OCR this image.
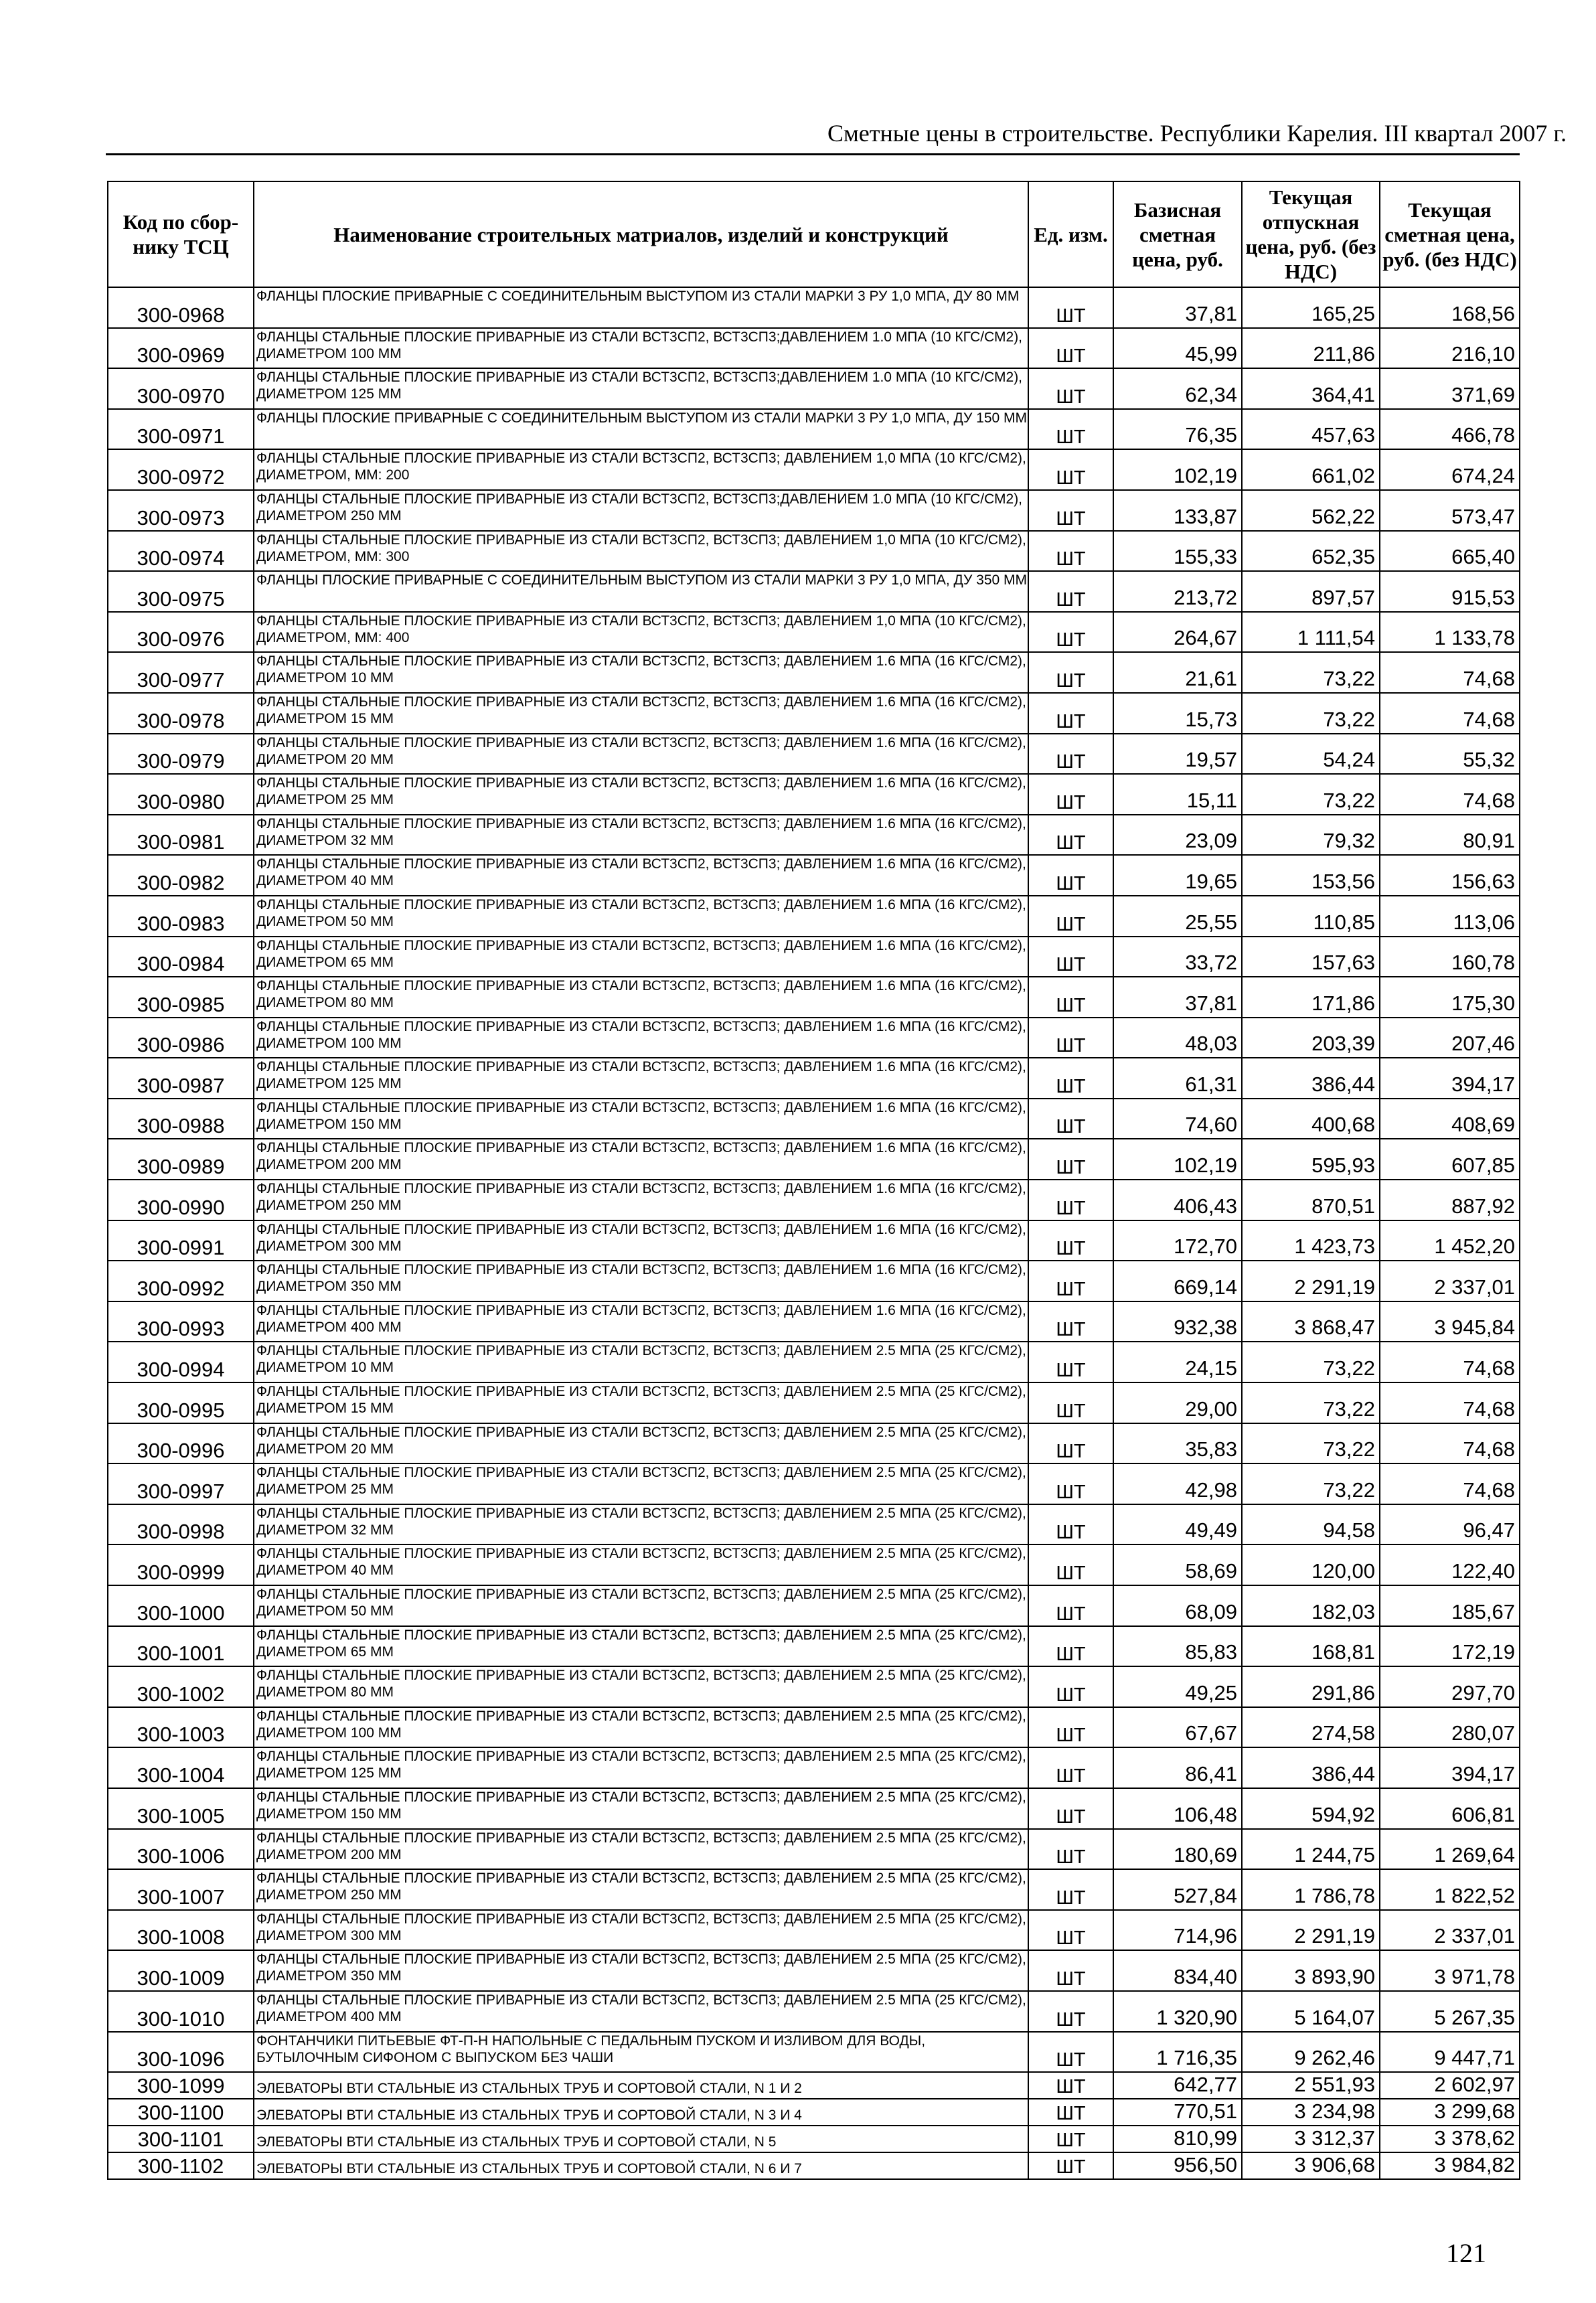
Сметные цены в строительстве. Республики Карелия. III квартал 2007 г.
Код по сбор-нику ТСЦ	Наименование строительных матриалов, изделий и конструкций	Ед. изм.	Базисная сметная цена, руб.	Текущая отпускная цена, руб. (без НДС)	Текущая сметная цена, руб. (без НДС)
300-0968	ФЛАНЦЫ ПЛОСКИЕ ПРИВАРНЫЕ С СОЕДИНИТЕЛЬНЫМ ВЫСТУПОМ ИЗ СТАЛИ МАРКИ 3 РУ 1,0 МПА, ДУ 80 ММ	ШТ	37,81	165,25	168,56
300-0969	ФЛАНЦЫ СТАЛЬНЫЕ ПЛОСКИЕ ПРИВАРНЫЕ ИЗ СТАЛИ ВСТ3СП2, ВСТ3СП3;ДАВЛЕНИЕМ 1.0 МПА (10 КГС/СМ2), ДИАМЕТРОМ 100 ММ	ШТ	45,99	211,86	216,10
300-0970	ФЛАНЦЫ СТАЛЬНЫЕ ПЛОСКИЕ ПРИВАРНЫЕ ИЗ СТАЛИ ВСТ3СП2, ВСТ3СП3;ДАВЛЕНИЕМ 1.0 МПА (10 КГС/СМ2), ДИАМЕТРОМ 125 ММ	ШТ	62,34	364,41	371,69
300-0971	ФЛАНЦЫ ПЛОСКИЕ ПРИВАРНЫЕ С СОЕДИНИТЕЛЬНЫМ ВЫСТУПОМ ИЗ СТАЛИ МАРКИ 3 РУ 1,0 МПА, ДУ 150 ММ	ШТ	76,35	457,63	466,78
300-0972	ФЛАНЦЫ СТАЛЬНЫЕ ПЛОСКИЕ ПРИВАРНЫЕ ИЗ СТАЛИ ВСТ3СП2, ВСТ3СП3; ДАВЛЕНИЕМ 1,0 МПА (10 КГС/СМ2), ДИАМЕТРОМ, ММ: 200	ШТ	102,19	661,02	674,24
300-0973	ФЛАНЦЫ СТАЛЬНЫЕ ПЛОСКИЕ ПРИВАРНЫЕ ИЗ СТАЛИ ВСТ3СП2, ВСТ3СП3;ДАВЛЕНИЕМ 1.0 МПА (10 КГС/СМ2), ДИАМЕТРОМ 250 ММ	ШТ	133,87	562,22	573,47
300-0974	ФЛАНЦЫ СТАЛЬНЫЕ ПЛОСКИЕ ПРИВАРНЫЕ ИЗ СТАЛИ ВСТ3СП2, ВСТ3СП3; ДАВЛЕНИЕМ 1,0 МПА (10 КГС/СМ2), ДИАМЕТРОМ, ММ: 300	ШТ	155,33	652,35	665,40
300-0975	ФЛАНЦЫ ПЛОСКИЕ ПРИВАРНЫЕ С СОЕДИНИТЕЛЬНЫМ ВЫСТУПОМ ИЗ СТАЛИ МАРКИ 3 РУ 1,0 МПА, ДУ 350 ММ	ШТ	213,72	897,57	915,53
300-0976	ФЛАНЦЫ СТАЛЬНЫЕ ПЛОСКИЕ ПРИВАРНЫЕ ИЗ СТАЛИ ВСТ3СП2, ВСТ3СП3; ДАВЛЕНИЕМ 1,0 МПА (10 КГС/СМ2), ДИАМЕТРОМ, ММ: 400	ШТ	264,67	1 111,54	1 133,78
300-0977	ФЛАНЦЫ СТАЛЬНЫЕ ПЛОСКИЕ ПРИВАРНЫЕ ИЗ СТАЛИ ВСТ3СП2, ВСТ3СП3; ДАВЛЕНИЕМ 1.6 МПА (16 КГС/СМ2), ДИАМЕТРОМ 10 ММ	ШТ	21,61	73,22	74,68
300-0978	ФЛАНЦЫ СТАЛЬНЫЕ ПЛОСКИЕ ПРИВАРНЫЕ ИЗ СТАЛИ ВСТ3СП2, ВСТ3СП3; ДАВЛЕНИЕМ 1.6 МПА (16 КГС/СМ2), ДИАМЕТРОМ 15 ММ	ШТ	15,73	73,22	74,68
300-0979	ФЛАНЦЫ СТАЛЬНЫЕ ПЛОСКИЕ ПРИВАРНЫЕ ИЗ СТАЛИ ВСТ3СП2, ВСТ3СП3; ДАВЛЕНИЕМ 1.6 МПА (16 КГС/СМ2), ДИАМЕТРОМ 20 ММ	ШТ	19,57	54,24	55,32
300-0980	ФЛАНЦЫ СТАЛЬНЫЕ ПЛОСКИЕ ПРИВАРНЫЕ ИЗ СТАЛИ ВСТ3СП2, ВСТ3СП3; ДАВЛЕНИЕМ 1.6 МПА (16 КГС/СМ2), ДИАМЕТРОМ 25 ММ	ШТ	15,11	73,22	74,68
300-0981	ФЛАНЦЫ СТАЛЬНЫЕ ПЛОСКИЕ ПРИВАРНЫЕ ИЗ СТАЛИ ВСТ3СП2, ВСТ3СП3; ДАВЛЕНИЕМ 1.6 МПА (16 КГС/СМ2), ДИАМЕТРОМ 32 ММ	ШТ	23,09	79,32	80,91
300-0982	ФЛАНЦЫ СТАЛЬНЫЕ ПЛОСКИЕ ПРИВАРНЫЕ ИЗ СТАЛИ ВСТ3СП2, ВСТ3СП3; ДАВЛЕНИЕМ 1.6 МПА (16 КГС/СМ2), ДИАМЕТРОМ 40 ММ	ШТ	19,65	153,56	156,63
300-0983	ФЛАНЦЫ СТАЛЬНЫЕ ПЛОСКИЕ ПРИВАРНЫЕ ИЗ СТАЛИ ВСТ3СП2, ВСТ3СП3; ДАВЛЕНИЕМ 1.6 МПА (16 КГС/СМ2), ДИАМЕТРОМ 50 ММ	ШТ	25,55	110,85	113,06
300-0984	ФЛАНЦЫ СТАЛЬНЫЕ ПЛОСКИЕ ПРИВАРНЫЕ ИЗ СТАЛИ ВСТ3СП2, ВСТ3СП3; ДАВЛЕНИЕМ 1.6 МПА (16 КГС/СМ2), ДИАМЕТРОМ 65 ММ	ШТ	33,72	157,63	160,78
300-0985	ФЛАНЦЫ СТАЛЬНЫЕ ПЛОСКИЕ ПРИВАРНЫЕ ИЗ СТАЛИ ВСТ3СП2, ВСТ3СП3; ДАВЛЕНИЕМ 1.6 МПА (16 КГС/СМ2), ДИАМЕТРОМ 80 ММ	ШТ	37,81	171,86	175,30
300-0986	ФЛАНЦЫ СТАЛЬНЫЕ ПЛОСКИЕ ПРИВАРНЫЕ ИЗ СТАЛИ ВСТ3СП2, ВСТ3СП3; ДАВЛЕНИЕМ 1.6 МПА (16 КГС/СМ2), ДИАМЕТРОМ 100 ММ	ШТ	48,03	203,39	207,46
300-0987	ФЛАНЦЫ СТАЛЬНЫЕ ПЛОСКИЕ ПРИВАРНЫЕ ИЗ СТАЛИ ВСТ3СП2, ВСТ3СП3; ДАВЛЕНИЕМ 1.6 МПА (16 КГС/СМ2), ДИАМЕТРОМ 125 ММ	ШТ	61,31	386,44	394,17
300-0988	ФЛАНЦЫ СТАЛЬНЫЕ ПЛОСКИЕ ПРИВАРНЫЕ ИЗ СТАЛИ ВСТ3СП2, ВСТ3СП3; ДАВЛЕНИЕМ 1.6 МПА (16 КГС/СМ2), ДИАМЕТРОМ 150 ММ	ШТ	74,60	400,68	408,69
300-0989	ФЛАНЦЫ СТАЛЬНЫЕ ПЛОСКИЕ ПРИВАРНЫЕ ИЗ СТАЛИ ВСТ3СП2, ВСТ3СП3; ДАВЛЕНИЕМ 1.6 МПА (16 КГС/СМ2), ДИАМЕТРОМ 200 ММ	ШТ	102,19	595,93	607,85
300-0990	ФЛАНЦЫ СТАЛЬНЫЕ ПЛОСКИЕ ПРИВАРНЫЕ ИЗ СТАЛИ ВСТ3СП2, ВСТ3СП3; ДАВЛЕНИЕМ 1.6 МПА (16 КГС/СМ2), ДИАМЕТРОМ 250 ММ	ШТ	406,43	870,51	887,92
300-0991	ФЛАНЦЫ СТАЛЬНЫЕ ПЛОСКИЕ ПРИВАРНЫЕ ИЗ СТАЛИ ВСТ3СП2, ВСТ3СП3; ДАВЛЕНИЕМ 1.6 МПА (16 КГС/СМ2), ДИАМЕТРОМ 300 ММ	ШТ	172,70	1 423,73	1 452,20
300-0992	ФЛАНЦЫ СТАЛЬНЫЕ ПЛОСКИЕ ПРИВАРНЫЕ ИЗ СТАЛИ ВСТ3СП2, ВСТ3СП3; ДАВЛЕНИЕМ 1.6 МПА (16 КГС/СМ2), ДИАМЕТРОМ 350 ММ	ШТ	669,14	2 291,19	2 337,01
300-0993	ФЛАНЦЫ СТАЛЬНЫЕ ПЛОСКИЕ ПРИВАРНЫЕ ИЗ СТАЛИ ВСТ3СП2, ВСТ3СП3; ДАВЛЕНИЕМ 1.6 МПА (16 КГС/СМ2), ДИАМЕТРОМ 400 ММ	ШТ	932,38	3 868,47	3 945,84
300-0994	ФЛАНЦЫ СТАЛЬНЫЕ ПЛОСКИЕ ПРИВАРНЫЕ ИЗ СТАЛИ ВСТ3СП2, ВСТ3СП3; ДАВЛЕНИЕМ 2.5 МПА (25 КГС/СМ2), ДИАМЕТРОМ 10 ММ	ШТ	24,15	73,22	74,68
300-0995	ФЛАНЦЫ СТАЛЬНЫЕ ПЛОСКИЕ ПРИВАРНЫЕ ИЗ СТАЛИ ВСТ3СП2, ВСТ3СП3; ДАВЛЕНИЕМ 2.5 МПА (25 КГС/СМ2), ДИАМЕТРОМ 15 ММ	ШТ	29,00	73,22	74,68
300-0996	ФЛАНЦЫ СТАЛЬНЫЕ ПЛОСКИЕ ПРИВАРНЫЕ ИЗ СТАЛИ ВСТ3СП2, ВСТ3СП3; ДАВЛЕНИЕМ 2.5 МПА (25 КГС/СМ2), ДИАМЕТРОМ 20 ММ	ШТ	35,83	73,22	74,68
300-0997	ФЛАНЦЫ СТАЛЬНЫЕ ПЛОСКИЕ ПРИВАРНЫЕ ИЗ СТАЛИ ВСТ3СП2, ВСТ3СП3; ДАВЛЕНИЕМ 2.5 МПА (25 КГС/СМ2), ДИАМЕТРОМ 25 ММ	ШТ	42,98	73,22	74,68
300-0998	ФЛАНЦЫ СТАЛЬНЫЕ ПЛОСКИЕ ПРИВАРНЫЕ ИЗ СТАЛИ ВСТ3СП2, ВСТ3СП3; ДАВЛЕНИЕМ 2.5 МПА (25 КГС/СМ2), ДИАМЕТРОМ 32 ММ	ШТ	49,49	94,58	96,47
300-0999	ФЛАНЦЫ СТАЛЬНЫЕ ПЛОСКИЕ ПРИВАРНЫЕ ИЗ СТАЛИ ВСТ3СП2, ВСТ3СП3; ДАВЛЕНИЕМ 2.5 МПА (25 КГС/СМ2), ДИАМЕТРОМ 40 ММ	ШТ	58,69	120,00	122,40
300-1000	ФЛАНЦЫ СТАЛЬНЫЕ ПЛОСКИЕ ПРИВАРНЫЕ ИЗ СТАЛИ ВСТ3СП2, ВСТ3СП3; ДАВЛЕНИЕМ 2.5 МПА (25 КГС/СМ2), ДИАМЕТРОМ 50 ММ	ШТ	68,09	182,03	185,67
300-1001	ФЛАНЦЫ СТАЛЬНЫЕ ПЛОСКИЕ ПРИВАРНЫЕ ИЗ СТАЛИ ВСТ3СП2, ВСТ3СП3; ДАВЛЕНИЕМ 2.5 МПА (25 КГС/СМ2), ДИАМЕТРОМ 65 ММ	ШТ	85,83	168,81	172,19
300-1002	ФЛАНЦЫ СТАЛЬНЫЕ ПЛОСКИЕ ПРИВАРНЫЕ ИЗ СТАЛИ ВСТ3СП2, ВСТ3СП3; ДАВЛЕНИЕМ 2.5 МПА (25 КГС/СМ2), ДИАМЕТРОМ 80 ММ	ШТ	49,25	291,86	297,70
300-1003	ФЛАНЦЫ СТАЛЬНЫЕ ПЛОСКИЕ ПРИВАРНЫЕ ИЗ СТАЛИ ВСТ3СП2, ВСТ3СП3; ДАВЛЕНИЕМ 2.5 МПА (25 КГС/СМ2), ДИАМЕТРОМ 100 ММ	ШТ	67,67	274,58	280,07
300-1004	ФЛАНЦЫ СТАЛЬНЫЕ ПЛОСКИЕ ПРИВАРНЫЕ ИЗ СТАЛИ ВСТ3СП2, ВСТ3СП3; ДАВЛЕНИЕМ 2.5 МПА (25 КГС/СМ2), ДИАМЕТРОМ 125 ММ	ШТ	86,41	386,44	394,17
300-1005	ФЛАНЦЫ СТАЛЬНЫЕ ПЛОСКИЕ ПРИВАРНЫЕ ИЗ СТАЛИ ВСТ3СП2, ВСТ3СП3; ДАВЛЕНИЕМ 2.5 МПА (25 КГС/СМ2), ДИАМЕТРОМ 150 ММ	ШТ	106,48	594,92	606,81
300-1006	ФЛАНЦЫ СТАЛЬНЫЕ ПЛОСКИЕ ПРИВАРНЫЕ ИЗ СТАЛИ ВСТ3СП2, ВСТ3СП3; ДАВЛЕНИЕМ 2.5 МПА (25 КГС/СМ2), ДИАМЕТРОМ 200 ММ	ШТ	180,69	1 244,75	1 269,64
300-1007	ФЛАНЦЫ СТАЛЬНЫЕ ПЛОСКИЕ ПРИВАРНЫЕ ИЗ СТАЛИ ВСТ3СП2, ВСТ3СП3; ДАВЛЕНИЕМ 2.5 МПА (25 КГС/СМ2), ДИАМЕТРОМ 250 ММ	ШТ	527,84	1 786,78	1 822,52
300-1008	ФЛАНЦЫ СТАЛЬНЫЕ ПЛОСКИЕ ПРИВАРНЫЕ ИЗ СТАЛИ ВСТ3СП2, ВСТ3СП3; ДАВЛЕНИЕМ 2.5 МПА (25 КГС/СМ2), ДИАМЕТРОМ 300 ММ	ШТ	714,96	2 291,19	2 337,01
300-1009	ФЛАНЦЫ СТАЛЬНЫЕ ПЛОСКИЕ ПРИВАРНЫЕ ИЗ СТАЛИ ВСТ3СП2, ВСТ3СП3; ДАВЛЕНИЕМ 2.5 МПА (25 КГС/СМ2), ДИАМЕТРОМ 350 ММ	ШТ	834,40	3 893,90	3 971,78
300-1010	ФЛАНЦЫ СТАЛЬНЫЕ ПЛОСКИЕ ПРИВАРНЫЕ ИЗ СТАЛИ ВСТ3СП2, ВСТ3СП3; ДАВЛЕНИЕМ 2.5 МПА (25 КГС/СМ2), ДИАМЕТРОМ 400 ММ	ШТ	1 320,90	5 164,07	5 267,35
300-1096	ФОНТАНЧИКИ ПИТЬЕВЫЕ ФТ-П-Н НАПОЛЬНЫЕ С ПЕДАЛЬНЫМ ПУСКОМ И ИЗЛИВОМ ДЛЯ ВОДЫ, БУТЫЛОЧНЫМ СИФОНОМ С ВЫПУСКОМ БЕЗ ЧАШИ	ШТ	1 716,35	9 262,46	9 447,71
300-1099	ЭЛЕВАТОРЫ ВТИ СТАЛЬНЫЕ ИЗ СТАЛЬНЫХ ТРУБ И СОРТОВОЙ СТАЛИ, N 1 И 2	ШТ	642,77	2 551,93	2 602,97
300-1100	ЭЛЕВАТОРЫ ВТИ СТАЛЬНЫЕ ИЗ СТАЛЬНЫХ ТРУБ И СОРТОВОЙ СТАЛИ, N 3 И 4	ШТ	770,51	3 234,98	3 299,68
300-1101	ЭЛЕВАТОРЫ ВТИ СТАЛЬНЫЕ ИЗ СТАЛЬНЫХ ТРУБ И СОРТОВОЙ СТАЛИ, N 5	ШТ	810,99	3 312,37	3 378,62
300-1102	ЭЛЕВАТОРЫ ВТИ СТАЛЬНЫЕ ИЗ СТАЛЬНЫХ ТРУБ И СОРТОВОЙ СТАЛИ, N 6 И 7	ШТ	956,50	3 906,68	3 984,82
121
